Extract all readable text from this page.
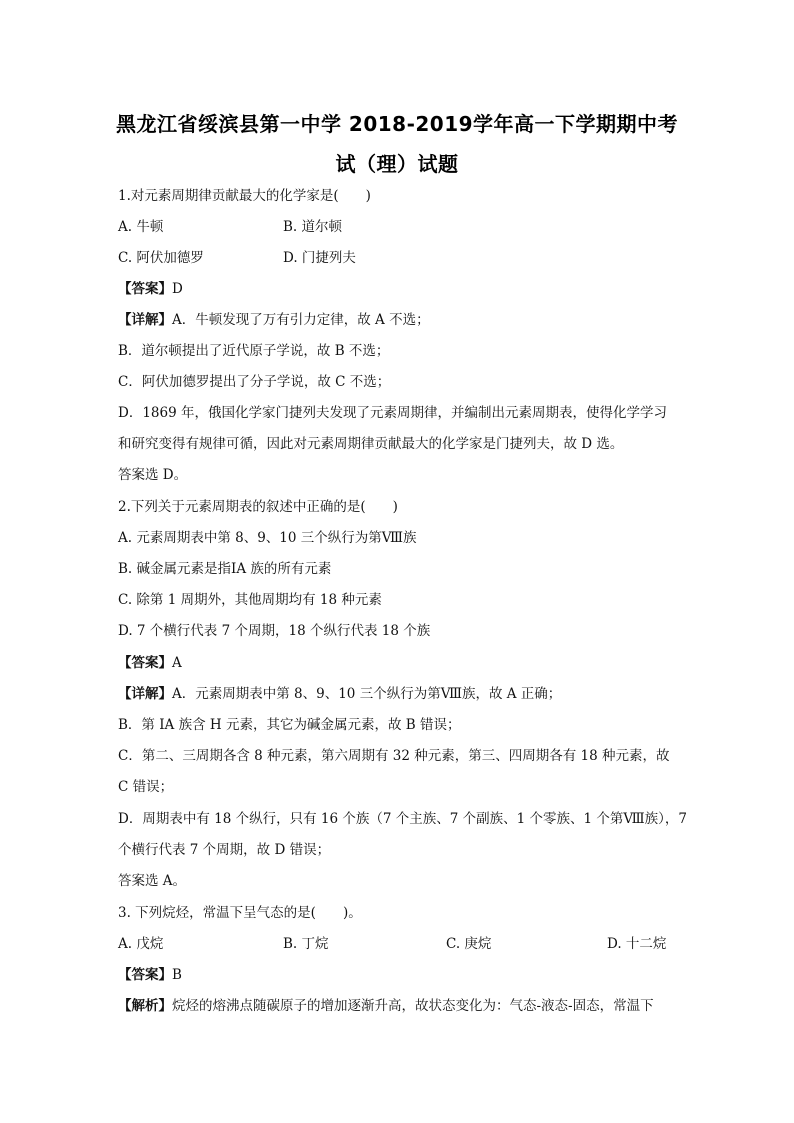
黑龙江省绥滨县第一中学 2018-2019学年高一下学期期中考
试（理）试题
1.对元素周期律贡献最大的化学家是(　　)
A. 牛顿	B. 道尔顿
C. 阿伏加德罗	D. 门捷列夫
【答案】D
【详解】A．牛顿发现了万有引力定律，故 A 不选；
B．道尔顿提出了近代原子学说，故 B 不选；
C．阿伏加德罗提出了分子学说，故 C 不选；
D．1869 年，俄国化学家门捷列夫发现了元素周期律，并编制出元素周期表，使得化学学习
和研究变得有规律可循，因此对元素周期律贡献最大的化学家是门捷列夫，故 D 选。
答案选 D。
2.下列关于元素周期表的叙述中正确的是(　　)
A. 元素周期表中第 8、9、10 三个纵行为第Ⅷ族
B. 碱金属元素是指ⅠA 族的所有元素
C. 除第 1 周期外，其他周期均有 18 种元素
D. 7 个横行代表 7 个周期，18 个纵行代表 18 个族
【答案】A
【详解】A．元素周期表中第 8、9、10 三个纵行为第Ⅷ族，故 A 正确；
B．第 IA 族含 H 元素，其它为碱金属元素，故 B 错误；
C．第二、三周期各含 8 种元素，第六周期有 32 种元素，第三、四周期各有 18 种元素，故
C 错误；
D．周期表中有 18 个纵行，只有 16 个族（7 个主族、7 个副族、1 个零族、1 个第Ⅷ族），7
个横行代表 7 个周期，故 D 错误；
答案选 A。
3. 下列烷烃，常温下呈气态的是(　　)。
A. 戊烷	B. 丁烷	C. 庚烷	D. 十二烷
【答案】B
【解析】烷烃的熔沸点随碳原子的增加逐渐升高，故状态变化为：气态-液态-固态，常温下
